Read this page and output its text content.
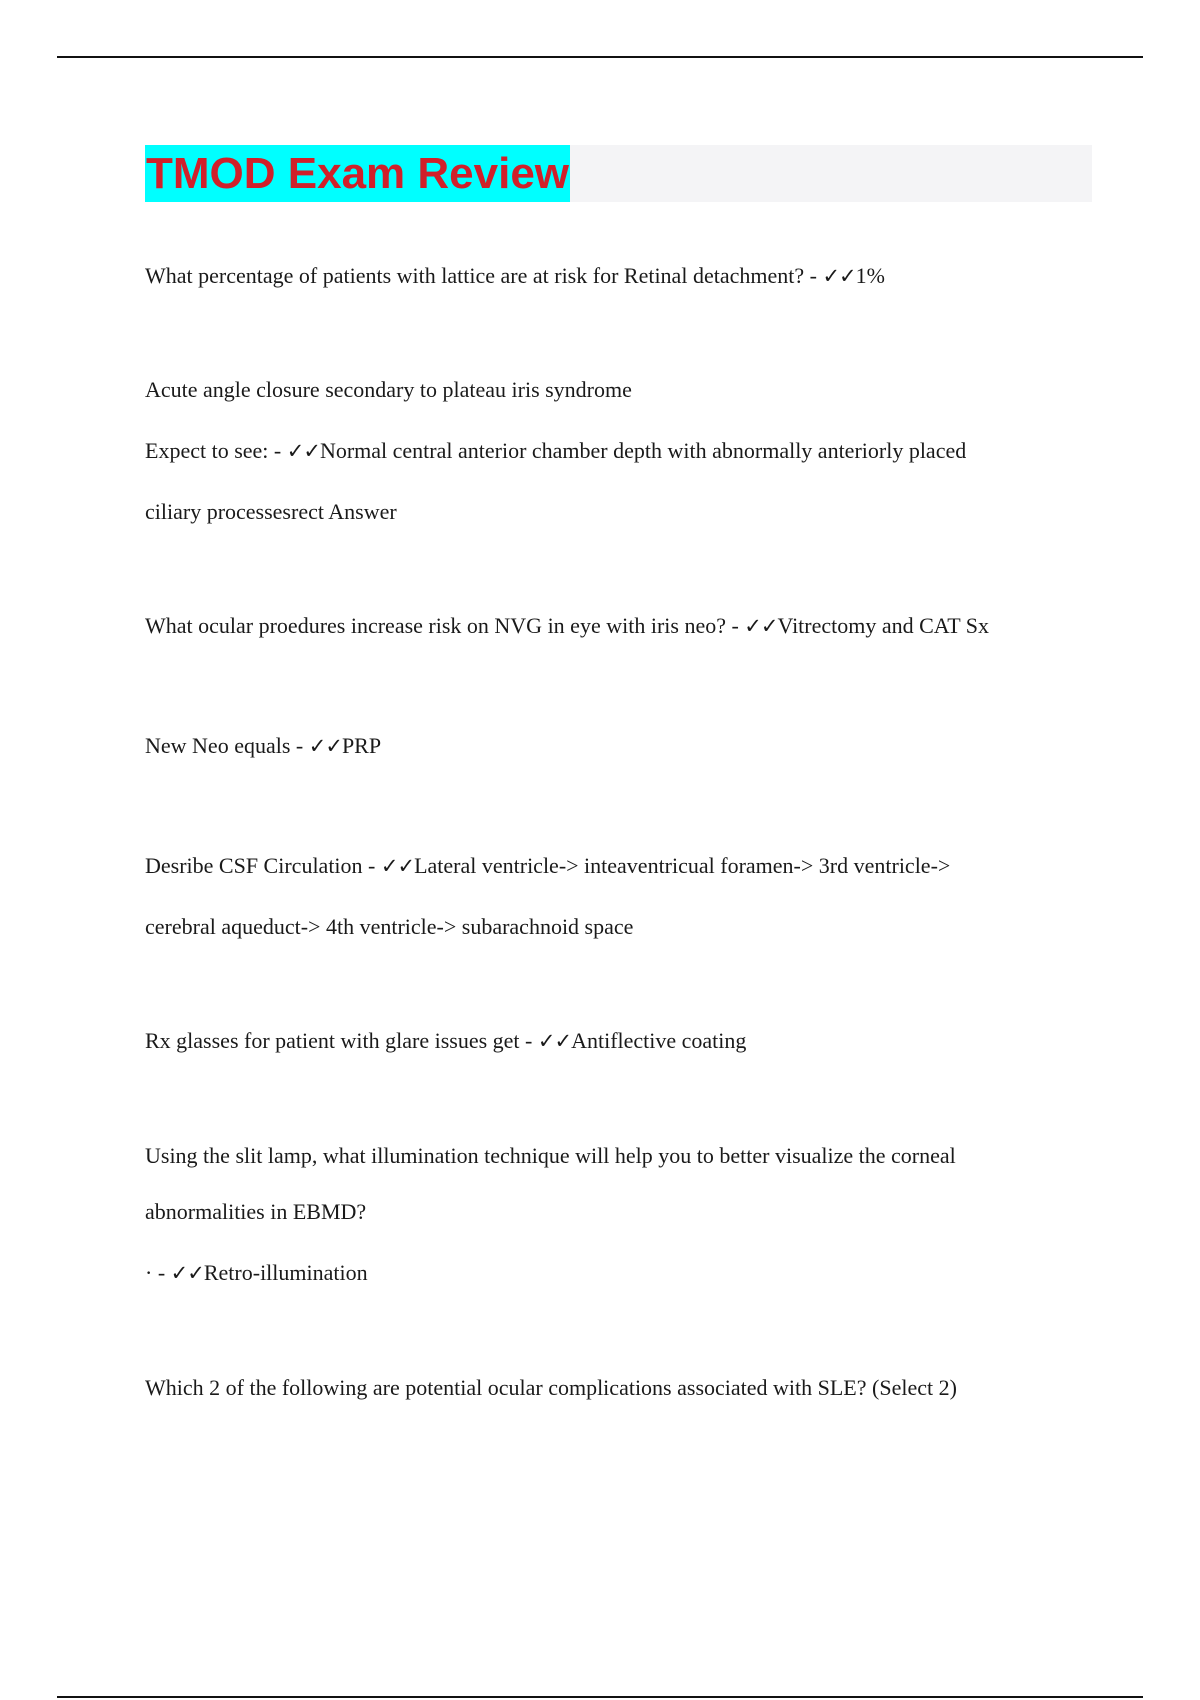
TMOD Exam Review
What percentage of patients with lattice are at risk for Retinal detachment? - ✓✓1%
Acute angle closure secondary to plateau iris syndrome
Expect to see: - ✓✓Normal central anterior chamber depth with abnormally anteriorly placed
ciliary processesrect Answer
What ocular proedures increase risk on NVG in eye with iris neo? - ✓✓Vitrectomy and CAT Sx
New Neo equals - ✓✓PRP
Desribe CSF Circulation - ✓✓Lateral ventricle-> inteaventricual foramen-> 3rd ventricle->
cerebral aqueduct-> 4th ventricle-> subarachnoid space
Rx glasses for patient with glare issues get - ✓✓Antiflective coating
Using the slit lamp, what illumination technique will help you to better visualize the corneal
abnormalities in EBMD?
· - ✓✓Retro-illumination
Which 2 of the following are potential ocular complications associated with SLE? (Select 2)
